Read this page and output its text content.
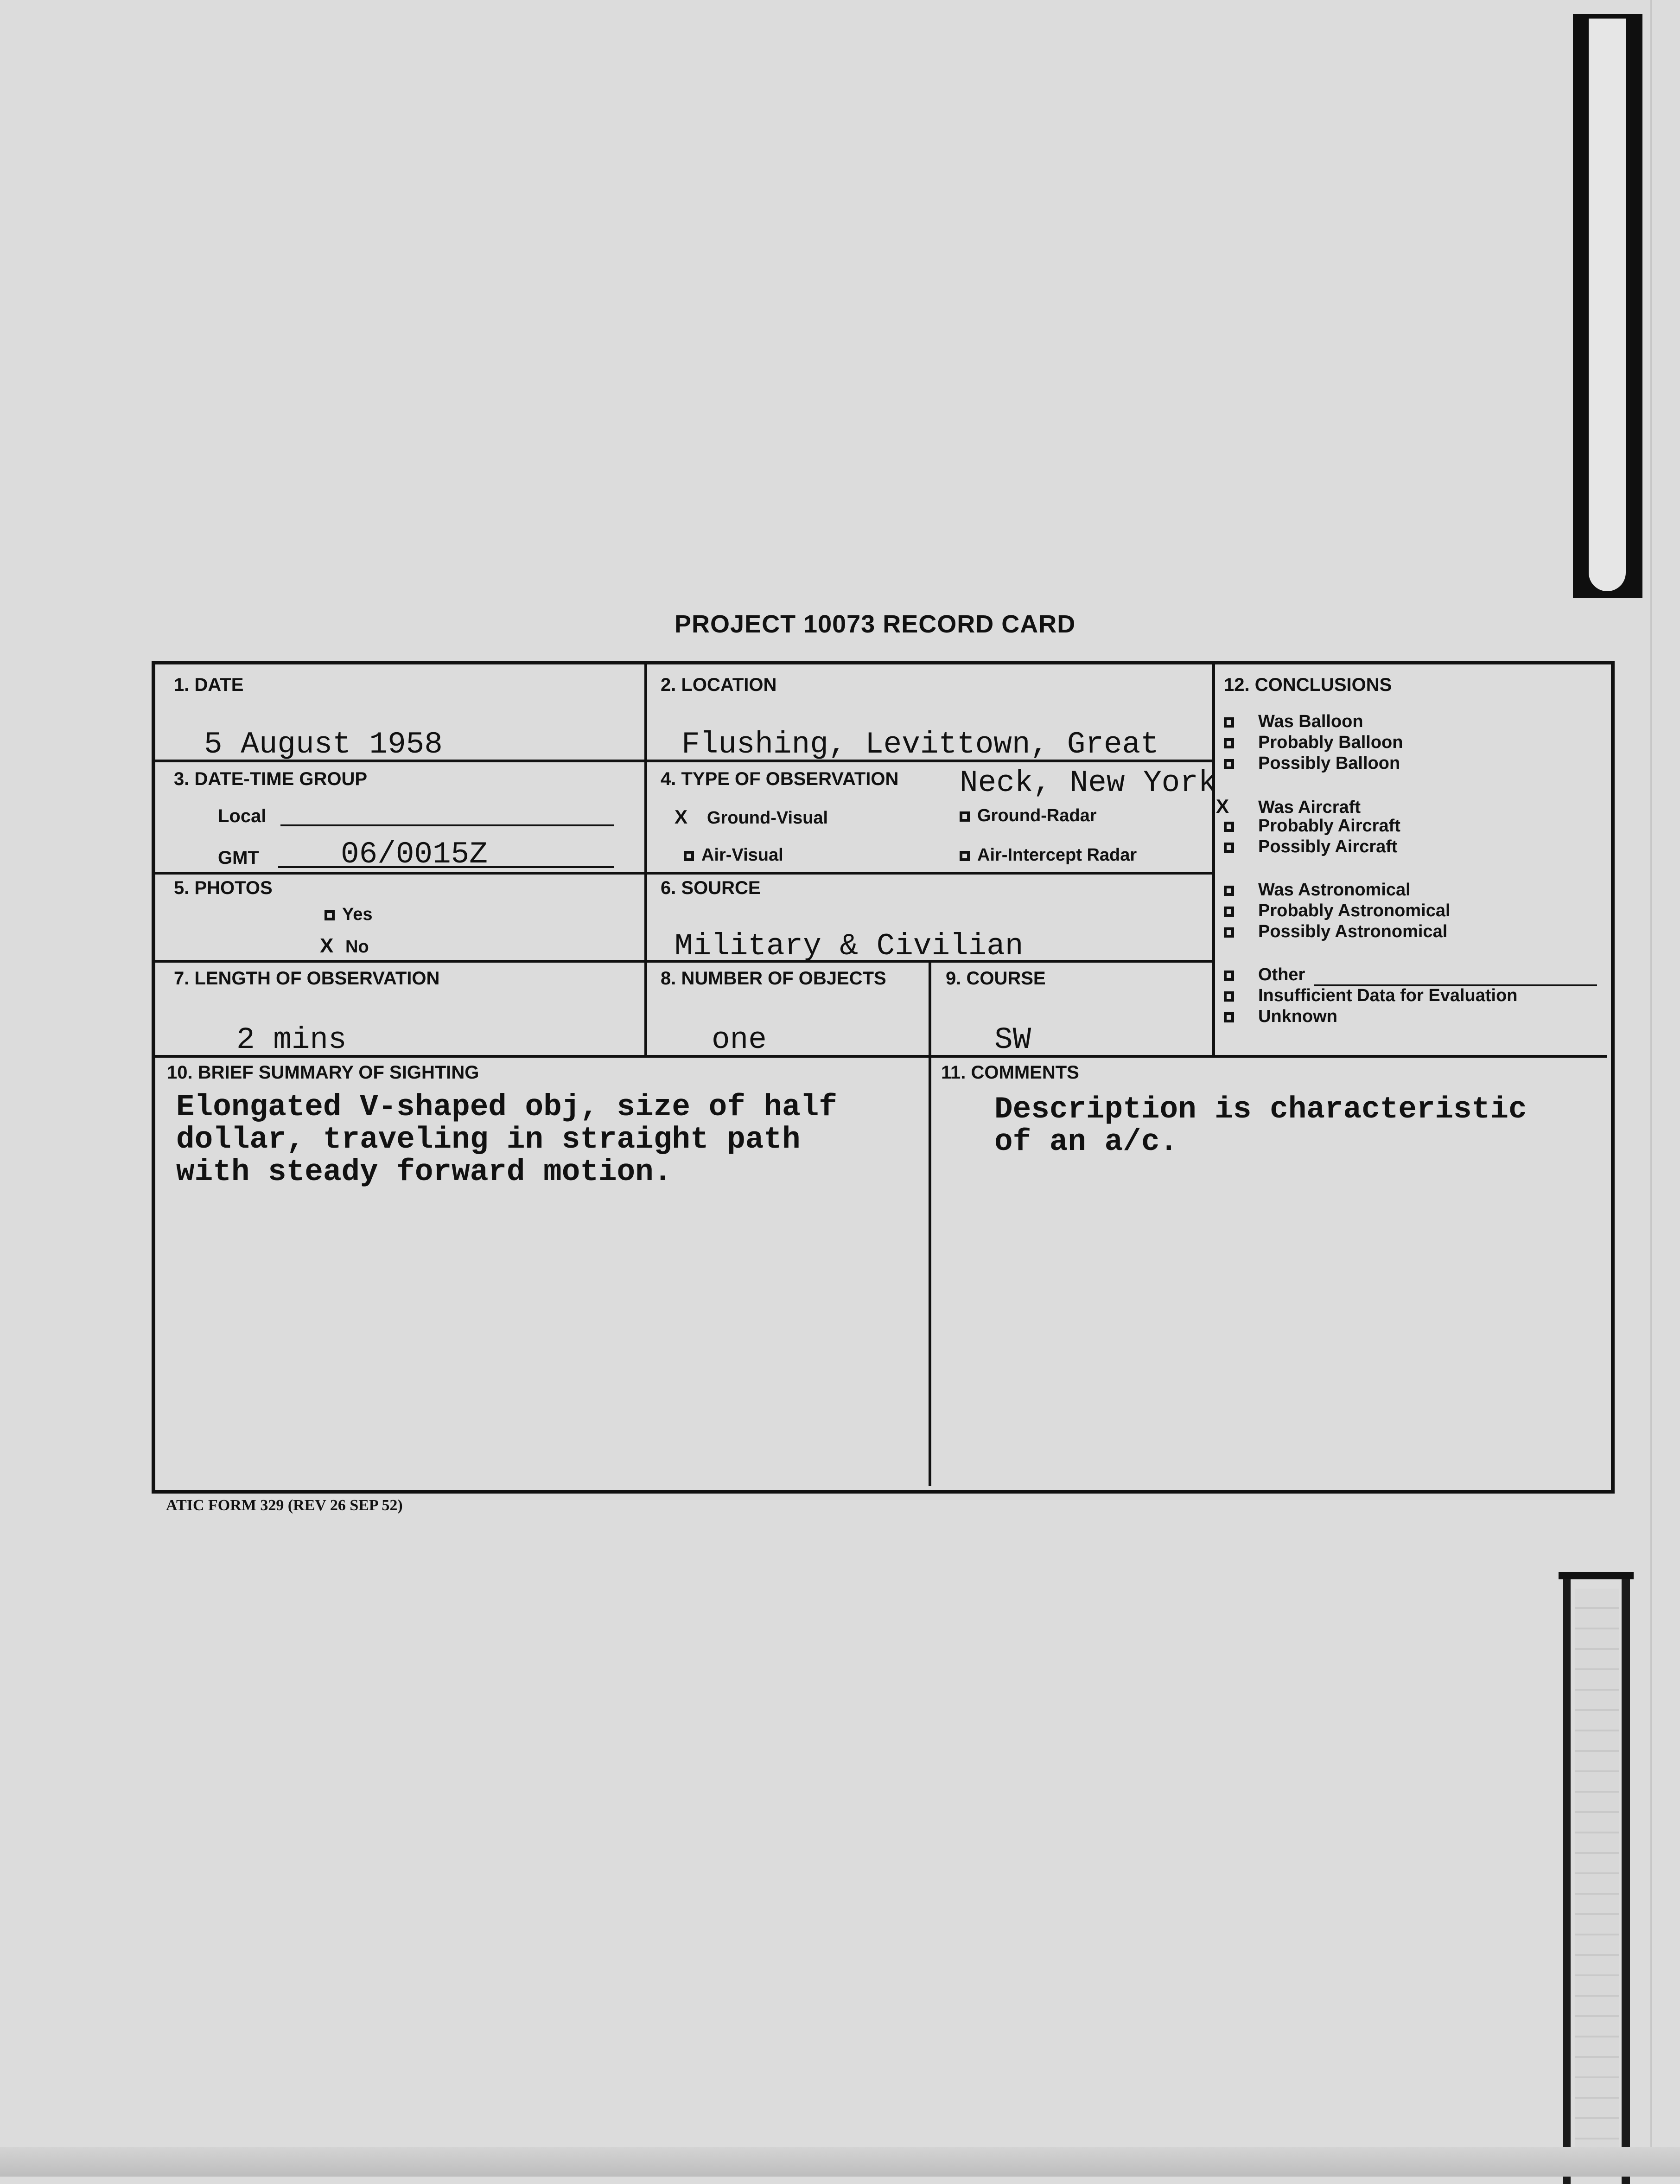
PROJECT 10073 RECORD CARD
1. DATE
5 August 1958
2. LOCATION
Flushing, Levittown, Great
Neck, New York
3. DATE-TIME GROUP
Local
GMT	06/0015Z
4. TYPE OF OBSERVATION
X Ground-Visual	Ground-Radar
Air-Visual	Air-Intercept Radar
5. PHOTOS
Yes
X No
6. SOURCE
Military & Civilian
7. LENGTH OF OBSERVATION
2 mins
8. NUMBER OF OBJECTS
one
9. COURSE
SW
10. BRIEF SUMMARY OF SIGHTING
Elongated V-shaped obj, size of half
dollar, traveling in straight path
with steady forward motion.
11. COMMENTS
Description is characteristic
of an a/c.
12. CONCLUSIONS
Was Balloon
Probably Balloon
Possibly Balloon
X Was Aircraft
Probably Aircraft
Possibly Aircraft
Was Astronomical
Probably Astronomical
Possibly Astronomical
Other
Insufficient Data for Evaluation
Unknown
ATIC FORM 329 (REV 26 SEP 52)
